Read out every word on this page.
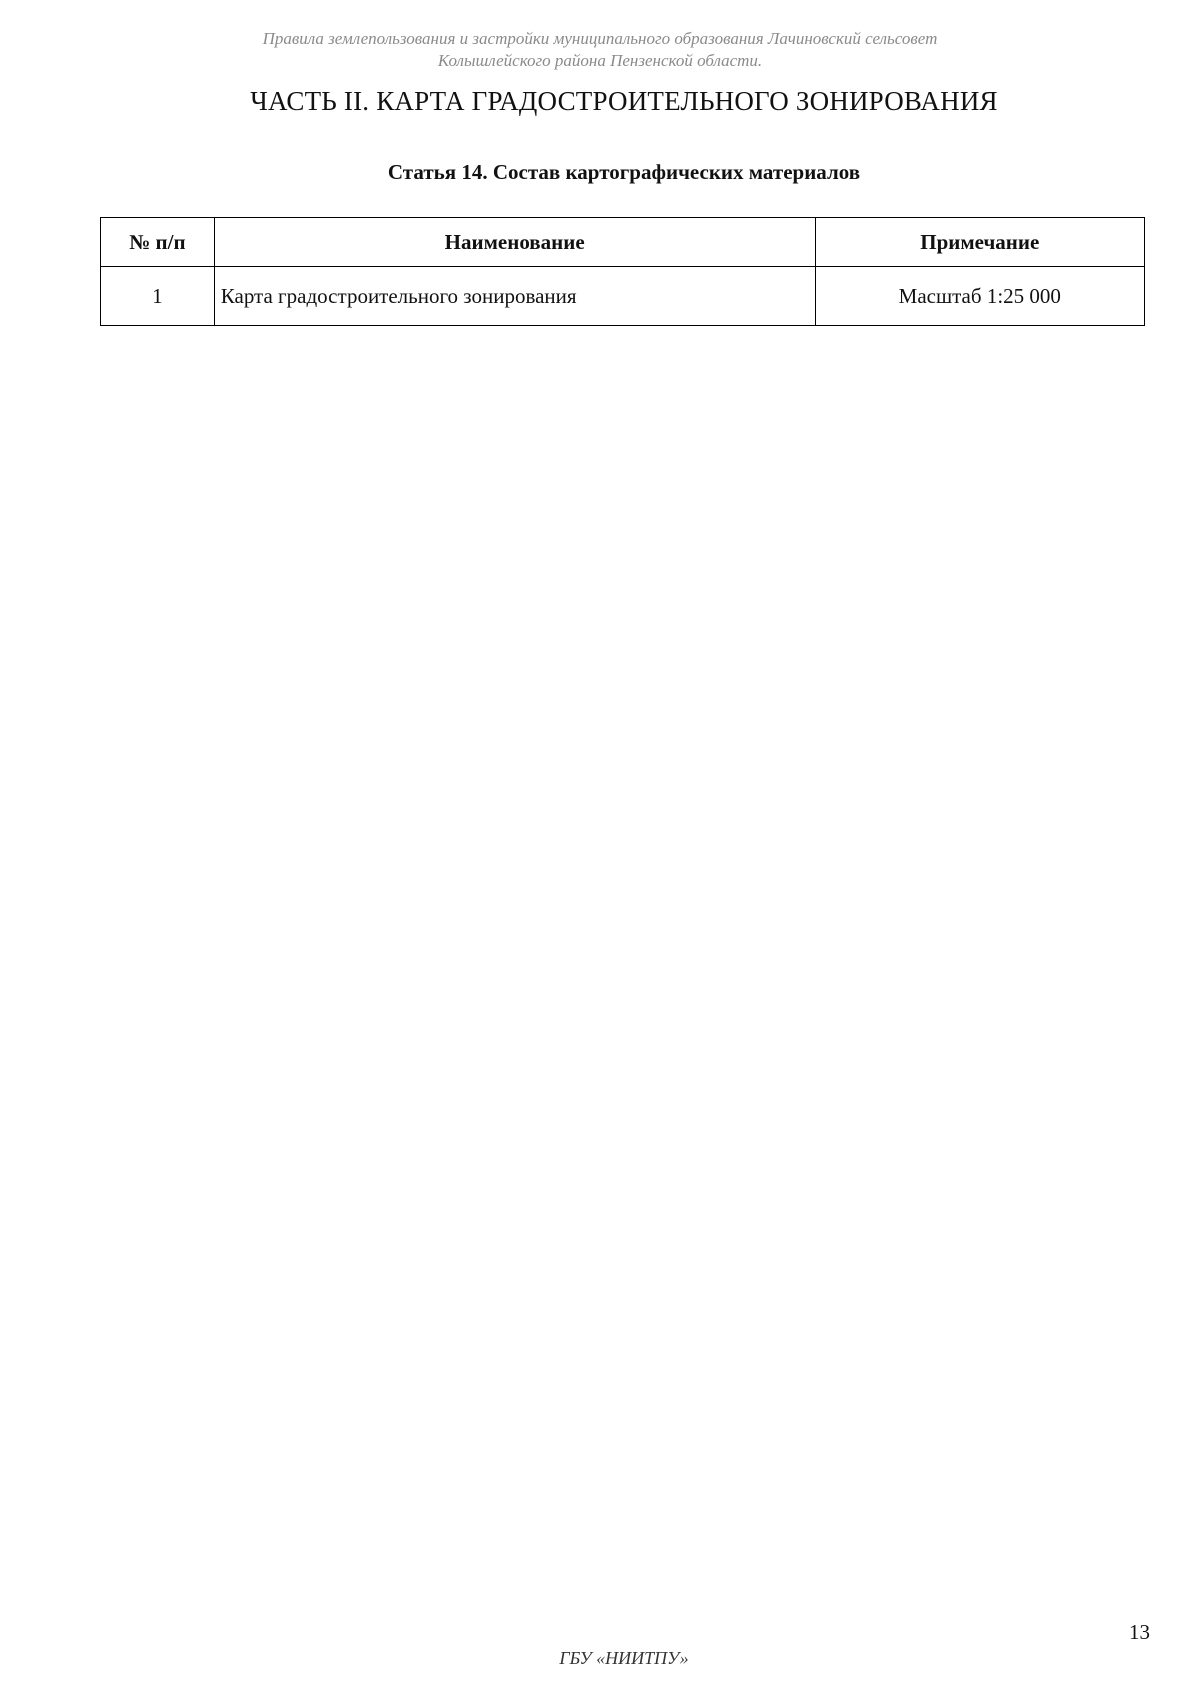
Правила землепользования и застройки муниципального образования Лачиновский сельсовет
Колышлейского района Пензенской области.
ЧАСТЬ II. КАРТА ГРАДОСТРОИТЕЛЬНОГО ЗОНИРОВАНИЯ
Статья 14. Состав картографических материалов
№ п/п	Наименование	Примечание
1	Карта градостроительного зонирования	Масштаб 1:25 000
13
ГБУ «НИИТПУ»
